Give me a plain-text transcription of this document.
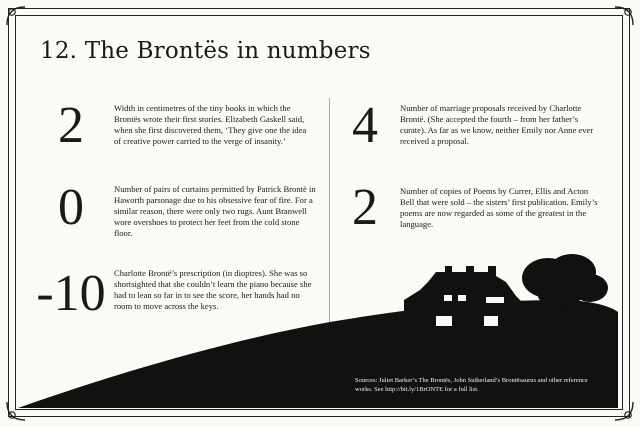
12. The Brontës in numbers
2	Width in centimetres of the tiny books in which the Brontës wrote their first stories. Elizabeth Gaskell said, when she first discovered them, ‘They give one the idea of creative power carried to the verge of insanity.’

0	Number of pairs of curtains permitted by Patrick Brontë in Haworth parsonage due to his obsessive fear of fire. For a similar reason, there were only two rugs. Aunt Branwell wore overshoes to protect her feet from the cold stone floor.

-10 Charlotte Brontë’s prescription (in dioptres). She was so shortsighted that she couldn’t learn the piano because she had to lean so far in to see the score, her hands had no room to move across the keys.

4	Number of marriage proposals received by Charlotte Brontë. (She accepted the fourth – from her father’s curate). As far as we know, neither Emily nor Anne ever received a proposal.

2	Number of copies of Poems by Currer, Ellis and Acton Bell that were sold – the sisters’ first publication. Emily’s poems are now regarded as some of the greatest in the language.

Sources: Juliet Barker’s The Brontës, John Sutherland’s Brontësaurus and other reference works. See http://bit.ly/1BrONTE for a full list.
